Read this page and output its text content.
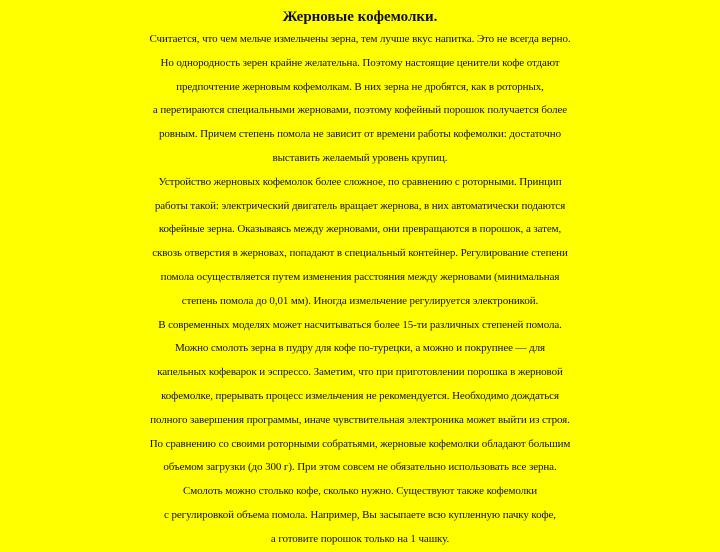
Жерновые кофемолки.
Считается, что чем мельче измельчены зерна, тем лучше вкус напитка. Это не всегда верно.
Но однородность зерен крайне желательна. Поэтому настоящие ценители кофе отдают
предпочтение жерновым кофемолкам. В них зерна не дробятся, как в роторных,
а перетираются специальными жерновами, поэтому кофейный порошок получается более
ровным. Причем степень помола не зависит от времени работы кофемолки: достаточно
выставить желаемый уровень крупиц.
Устройство жерновых кофемолок более сложное, по сравнению с роторными. Принцип
работы такой: электрический двигатель вращает жернова, в них автоматически подаются
кофейные зерна. Оказываясь между жерновами, они превращаются в порошок, а затем,
сквозь отверстия в жерновах, попадают в специальный контейнер. Регулирование степени
помола осуществляется путем изменения расстояния между жерновами (минимальная
степень помола до 0,01 мм). Иногда измельчение регулируется электроникой.
В современных моделях может насчитываться более 15-ти различных степеней помола.
Можно смолоть зерна в пудру для кофе по-турецки, а можно и покрупнее — для
капельных кофеварок и эспрессо. Заметим, что при приготовлении порошка в жерновой
кофемолке, прерывать процесс измельчения не рекомендуется. Необходимо дождаться
полного завершения программы, иначе чувствительная электроника может выйти из строя.
По сравнению со своими роторными собратьями, жерновые кофемолки обладают большим
объемом загрузки (до 300 г). При этом совсем не обязательно использовать все зерна.
Смолоть можно столько кофе, сколько нужно. Существуют также кофемолки
с регулировкой объема помола. Например, Вы засыпаете всю купленную пачку кофе,
а готовите порошок только на 1 чашку.
